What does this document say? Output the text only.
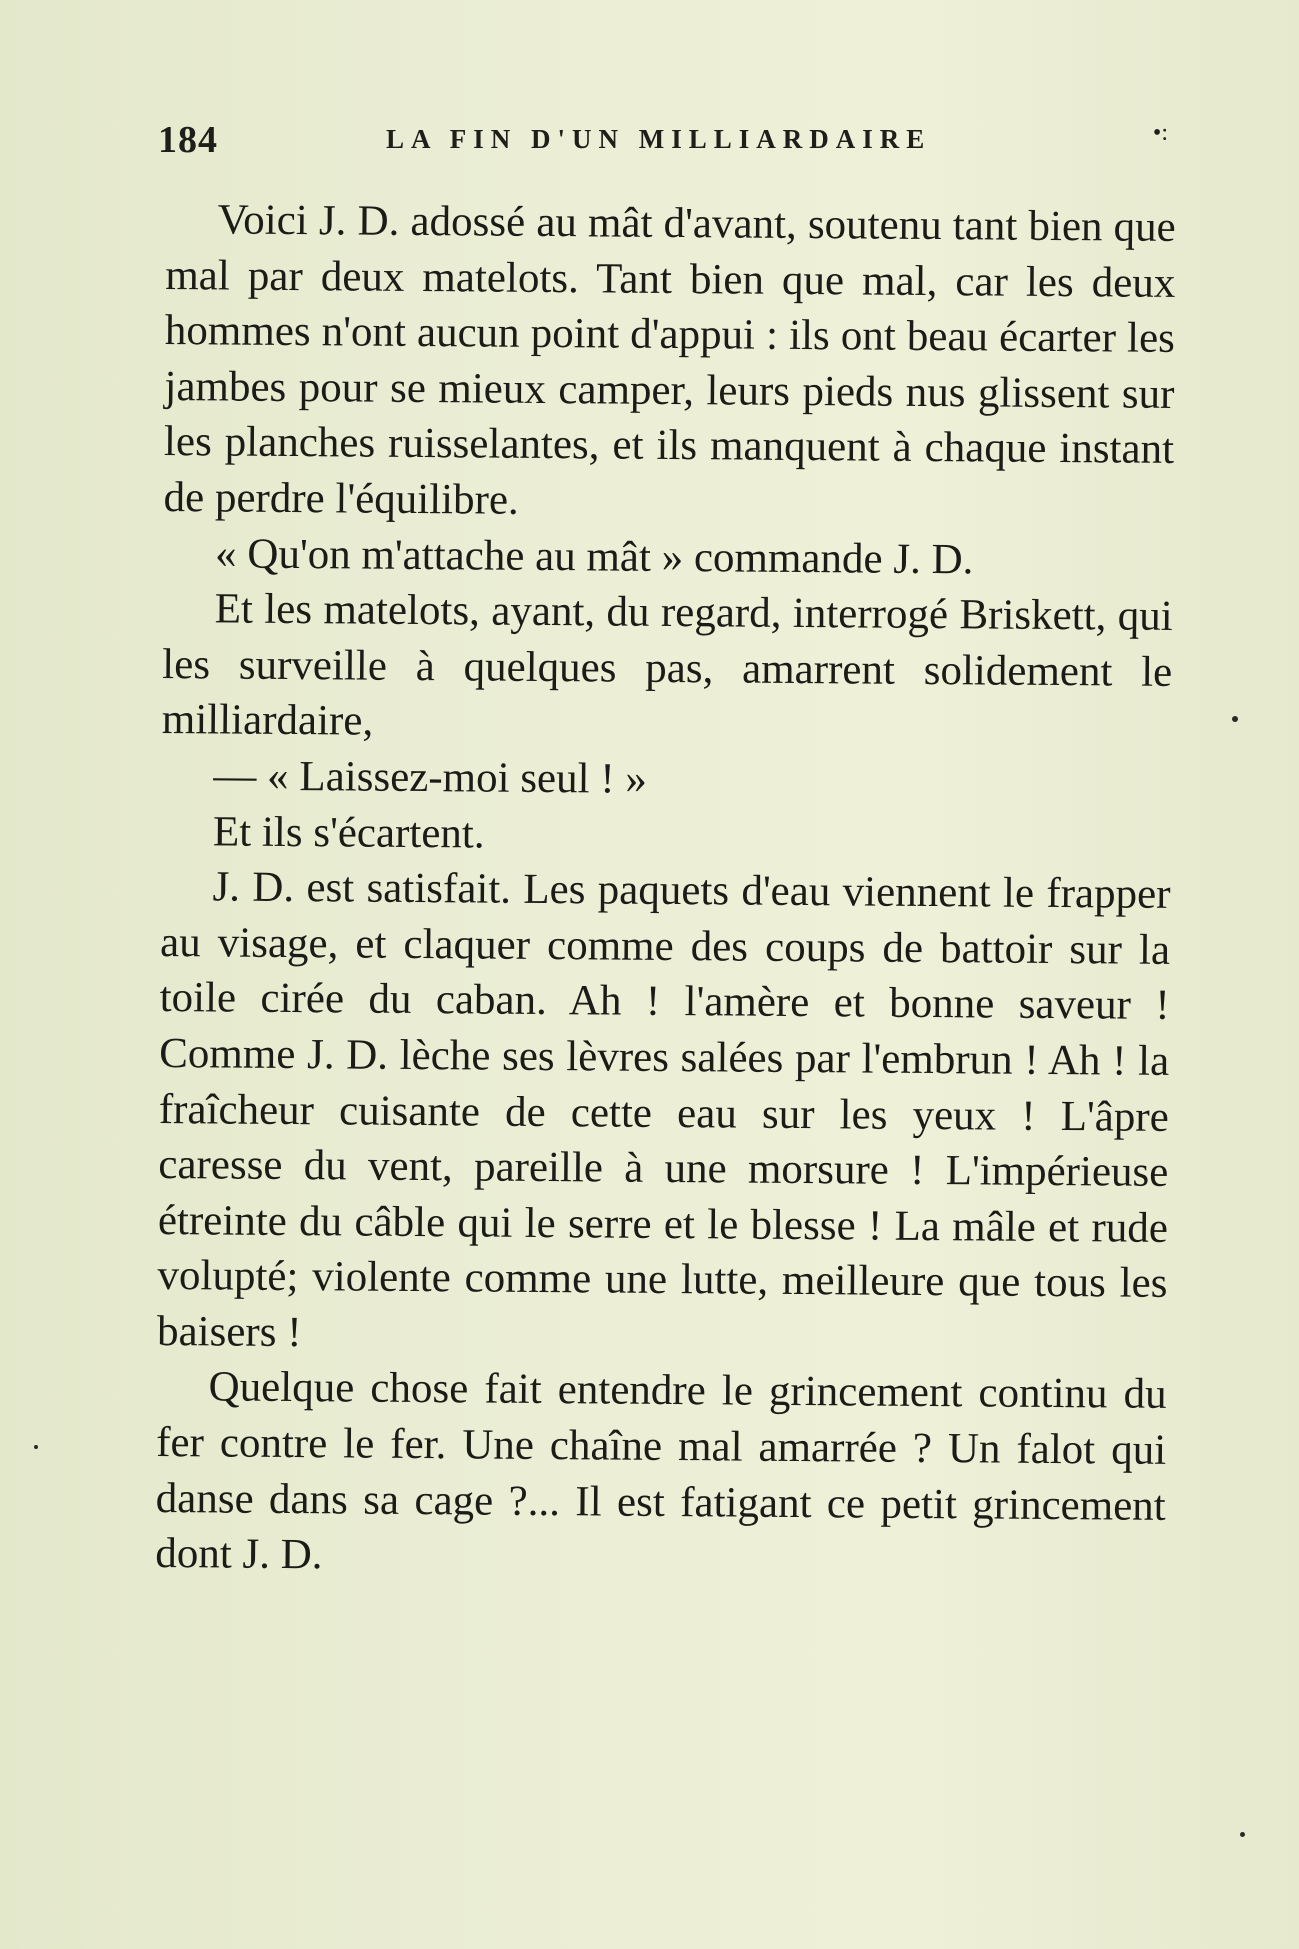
184	LA FIN D'UN MILLIARDAIRE	•:

Voici J. D. adossé au mât d'avant, soutenu tant bien que mal par deux matelots. Tant bien que mal, car les deux hommes n'ont aucun point d'appui : ils ont beau écarter les jambes pour se mieux camper, leurs pieds nus glissent sur les planches ruisselantes, et ils manquent à chaque instant de perdre l'équilibre.

« Qu'on m'attache au mât » commande J. D.

Et les matelots, ayant, du regard, interrogé Briskett, qui les surveille à quelques pas, amarrent solidement le milliardaire,

— « Laissez-moi seul ! »

Et ils s'écartent.

J. D. est satisfait. Les paquets d'eau viennent le frapper au visage, et claquer comme des coups de battoir sur la toile cirée du caban. Ah ! l'amère et bonne saveur ! Comme J. D. lèche ses lèvres salées par l'embrun ! Ah ! la fraîcheur cuisante de cette eau sur les yeux ! L'âpre caresse du vent, pareille à une morsure ! L'impérieuse étreinte du câble qui le serre et le blesse ! La mâle et rude volupté; violente comme une lutte, meilleure que tous les baisers !

Quelque chose fait entendre le grincement continu du fer contre le fer. Une chaîne mal amarrée ? Un falot qui danse dans sa cage ?... Il est fatigant ce petit grincement dont J. D.
